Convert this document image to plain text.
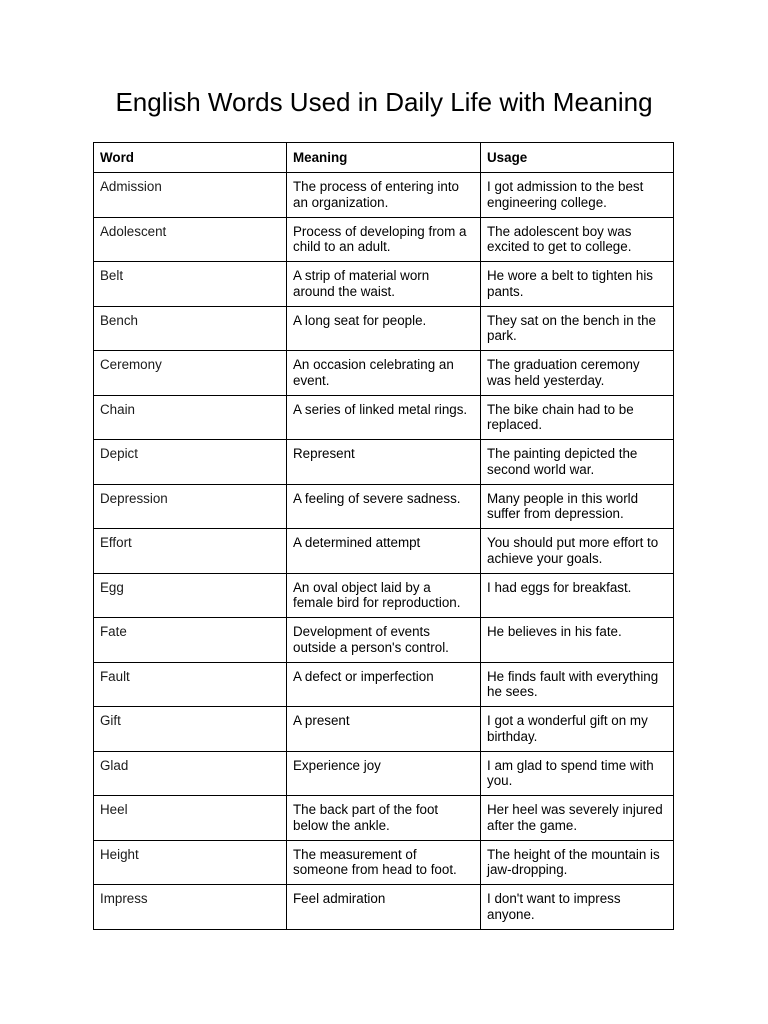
English Words Used in Daily Life with Meaning
Word	Meaning	Usage
Admission	The process of entering into an organization.	I got admission to the best engineering college.
Adolescent	Process of developing from a child to an adult.	The adolescent boy was excited to get to college.
Belt	A strip of material worn around the waist.	He wore a belt to tighten his pants.
Bench	A long seat for people.	They sat on the bench in the park.
Ceremony	An occasion celebrating an event.	The graduation ceremony was held yesterday.
Chain	A series of linked metal rings.	The bike chain had to be replaced.
Depict	Represent	The painting depicted the second world war.
Depression	A feeling of severe sadness.	Many people in this world suffer from depression.
Effort	A determined attempt	You should put more effort to achieve your goals.
Egg	An oval object laid by a female bird for reproduction.	I had eggs for breakfast.
Fate	Development of events outside a person's control.	He believes in his fate.
Fault	A defect or imperfection	He finds fault with everything he sees.
Gift	A present	I got a wonderful gift on my birthday.
Glad	Experience joy	I am glad to spend time with you.
Heel	The back part of the foot below the ankle.	Her heel was severely injured after the game.
Height	The measurement of someone from head to foot.	The height of the mountain is jaw-dropping.
Impress	Feel admiration	I don't want to impress anyone.
